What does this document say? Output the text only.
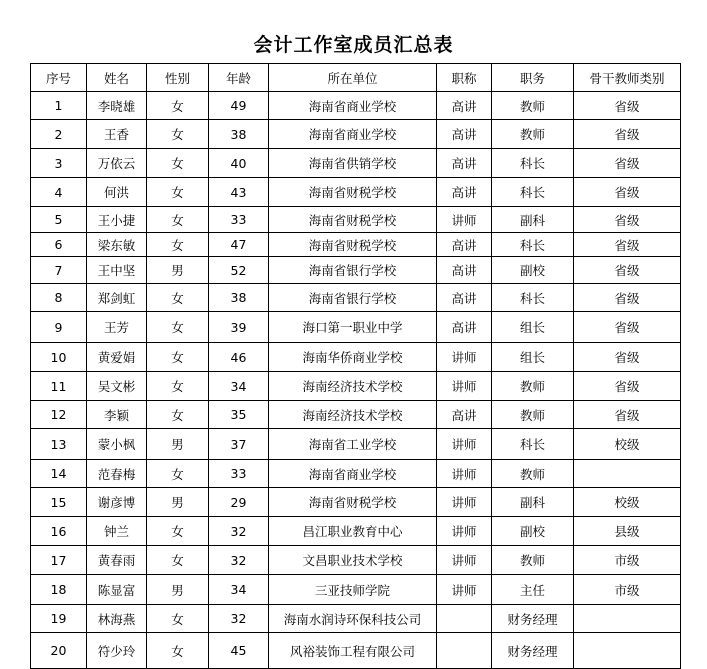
会计工作室成员汇总表
序号	姓名	性别	年龄	所在单位	职称	职务	骨干教师类别
1	李晓雄	女	49	海南省商业学校	高讲	教师	省级
2	王香	女	38	海南省商业学校	高讲	教师	省级
3	万依云	女	40	海南省供销学校	高讲	科长	省级
4	何洪	女	43	海南省财税学校	高讲	科长	省级
5	王小捷	女	33	海南省财税学校	讲师	副科	省级
6	梁东敏	女	47	海南省财税学校	高讲	科长	省级
7	王中坚	男	52	海南省银行学校	高讲	副校	省级
8	郑剑虹	女	38	海南省银行学校	高讲	科长	省级
9	王芳	女	39	海口第一职业中学	高讲	组长	省级
10	黄爱娟	女	46	海南华侨商业学校	讲师	组长	省级
11	吴文彬	女	34	海南经济技术学校	讲师	教师	省级
12	李颖	女	35	海南经济技术学校	高讲	教师	省级
13	蒙小枫	男	37	海南省工业学校	讲师	科长	校级
14	范春梅	女	33	海南省商业学校	讲师	教师	
15	谢彦博	男	29	海南省财税学校	讲师	副科	校级
16	钟兰	女	32	昌江职业教育中心	讲师	副校	县级
17	黄春雨	女	32	文昌职业技术学校	讲师	教师	市级
18	陈显富	男	34	三亚技师学院	讲师	主任	市级
19	林海燕	女	32	海南水润诗环保科技公司		财务经理	
20	符少玲	女	45	风裕装饰工程有限公司		财务经理	
